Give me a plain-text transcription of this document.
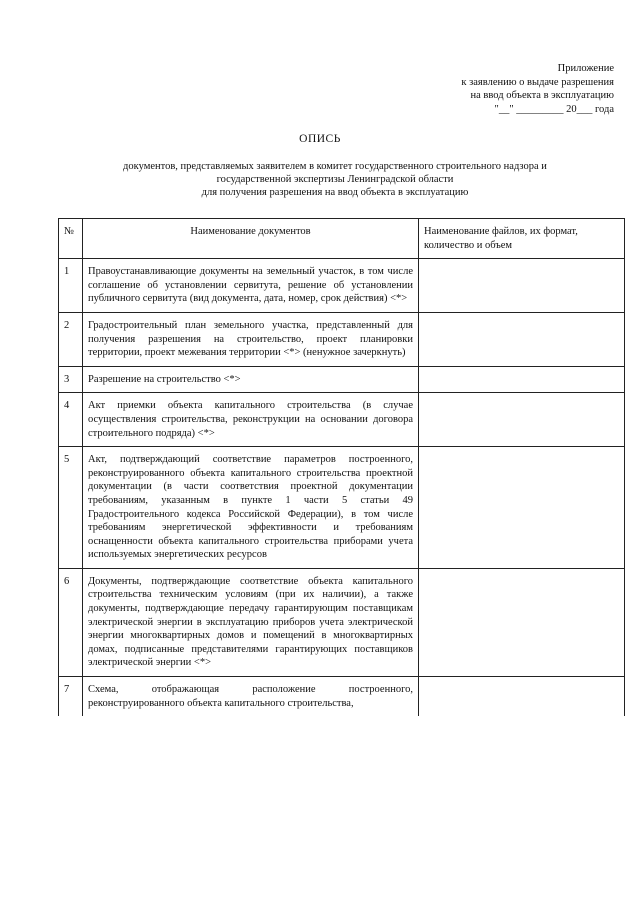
Приложение
к заявлению о выдаче разрешения
на ввод объекта в эксплуатацию
"__" _________ 20___ года
ОПИСЬ
документов, представляемых заявителем в комитет государственного строительного надзора и
государственной экспертизы Ленинградской области
для получения разрешения на ввод объекта в эксплуатацию
№	Наименование документов	Наименование файлов, их формат, количество и объем
1	Правоустанавливающие документы на земельный участок, в том числе соглашение об установлении сервитута, решение об установлении публичного сервитута (вид документа, дата, номер, срок действия) <*>	
2	Градостроительный план земельного участка, представленный для получения разрешения на строительство, проект планировки территории, проект межевания территории <*> (ненужное зачеркнуть)	
3	Разрешение на строительство <*>	
4	Акт приемки объекта капитального строительства (в случае осуществления строительства, реконструкции на основании договора строительного подряда) <*>	
5	Акт, подтверждающий соответствие параметров построенного, реконструированного объекта капитального строительства проектной документации (в части соответствия проектной документации требованиям, указанным в пункте 1 части 5 статьи 49 Градостроительного кодекса Российской Федерации), в том числе требованиям энергетической эффективности и требованиям оснащенности объекта капитального строительства приборами учета используемых энергетических ресурсов	
6	Документы, подтверждающие соответствие объекта капитального строительства техническим условиям (при их наличии), а также документы, подтверждающие передачу гарантирующим поставщикам электрической энергии в эксплуатацию приборов учета электрической энергии многоквартирных домов и помещений в многоквартирных домах, подписанные представителями гарантирующих поставщиков электрической энергии <*>	
7	Схема, отображающая расположение построенного, реконструированного объекта капитального строительства,	
